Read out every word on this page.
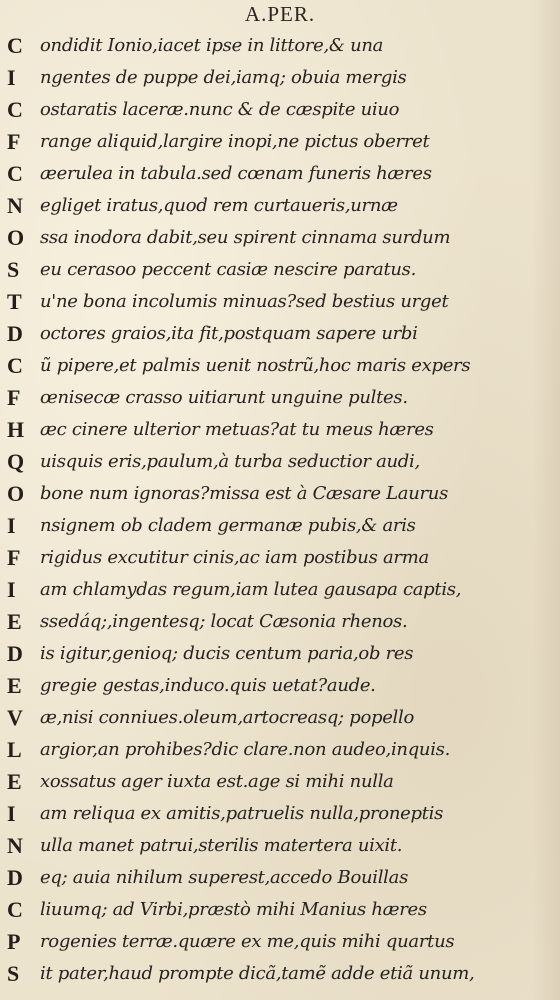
A.PER.
C ondidit Ionio,iacet ipse in littore,& una
I	ngentes de puppe dei,iamq; obuia mergis
C ostaratis laceræ.nunc & de cæspite uiuo
F	range aliquid,largire inopi,ne pictus oberret
C æerulea in tabula.sed cœnam funeris hæres
N egliget iratus,quod rem curtaueris,urnæ
O ssa inodora dabit,seu spirent cinnama surdum
S	eu cerasoo peccent casiæ nescire paratus.
T	u'ne bona incolumis minuas?sed bestius urget
D octores graios,ita fit,postquam sapere urbi
C ũ pipere,et palmis uenit nostrũ,hoc maris expers
F	œnisecæ crasso uitiarunt unguine pultes.
H æc cinere ulterior metuas?at tu meus hæres
Q uisquis eris,paulum,à turba seductior audi,
O bone num ignoras?missa est à Cæsare Laurus
I	nsignem ob cladem germanæ pubis,& aris
F	rigidus excutitur cinis,ac iam postibus arma
I	am chlamydas regum,iam lutea gausapa captis,
E	ssedáq;,ingentesq; locat Cæsonia rhenos.
D is igitur,genioq; ducis centum paria,ob res
E	gregie gestas,induco.quis uetat?aude.
V æ,nisi conniues.oleum,artocreasq; popello
L	argior,an prohibes?dic clare.non audeo,inquis.
E	xossatus ager iuxta est.age si mihi nulla
I	am reliqua ex amitis,patruelis nulla,proneptis
N ulla manet patrui,sterilis matertera uixit.
D eq; auia nihilum superest,accedo Bouillas
C liuumq; ad Virbi,præstò mihi Manius hæres
P	rogenies terræ.quære ex me,quis mihi quartus
S	it pater,haud prompte dicã,tamẽ adde etiã unum,
